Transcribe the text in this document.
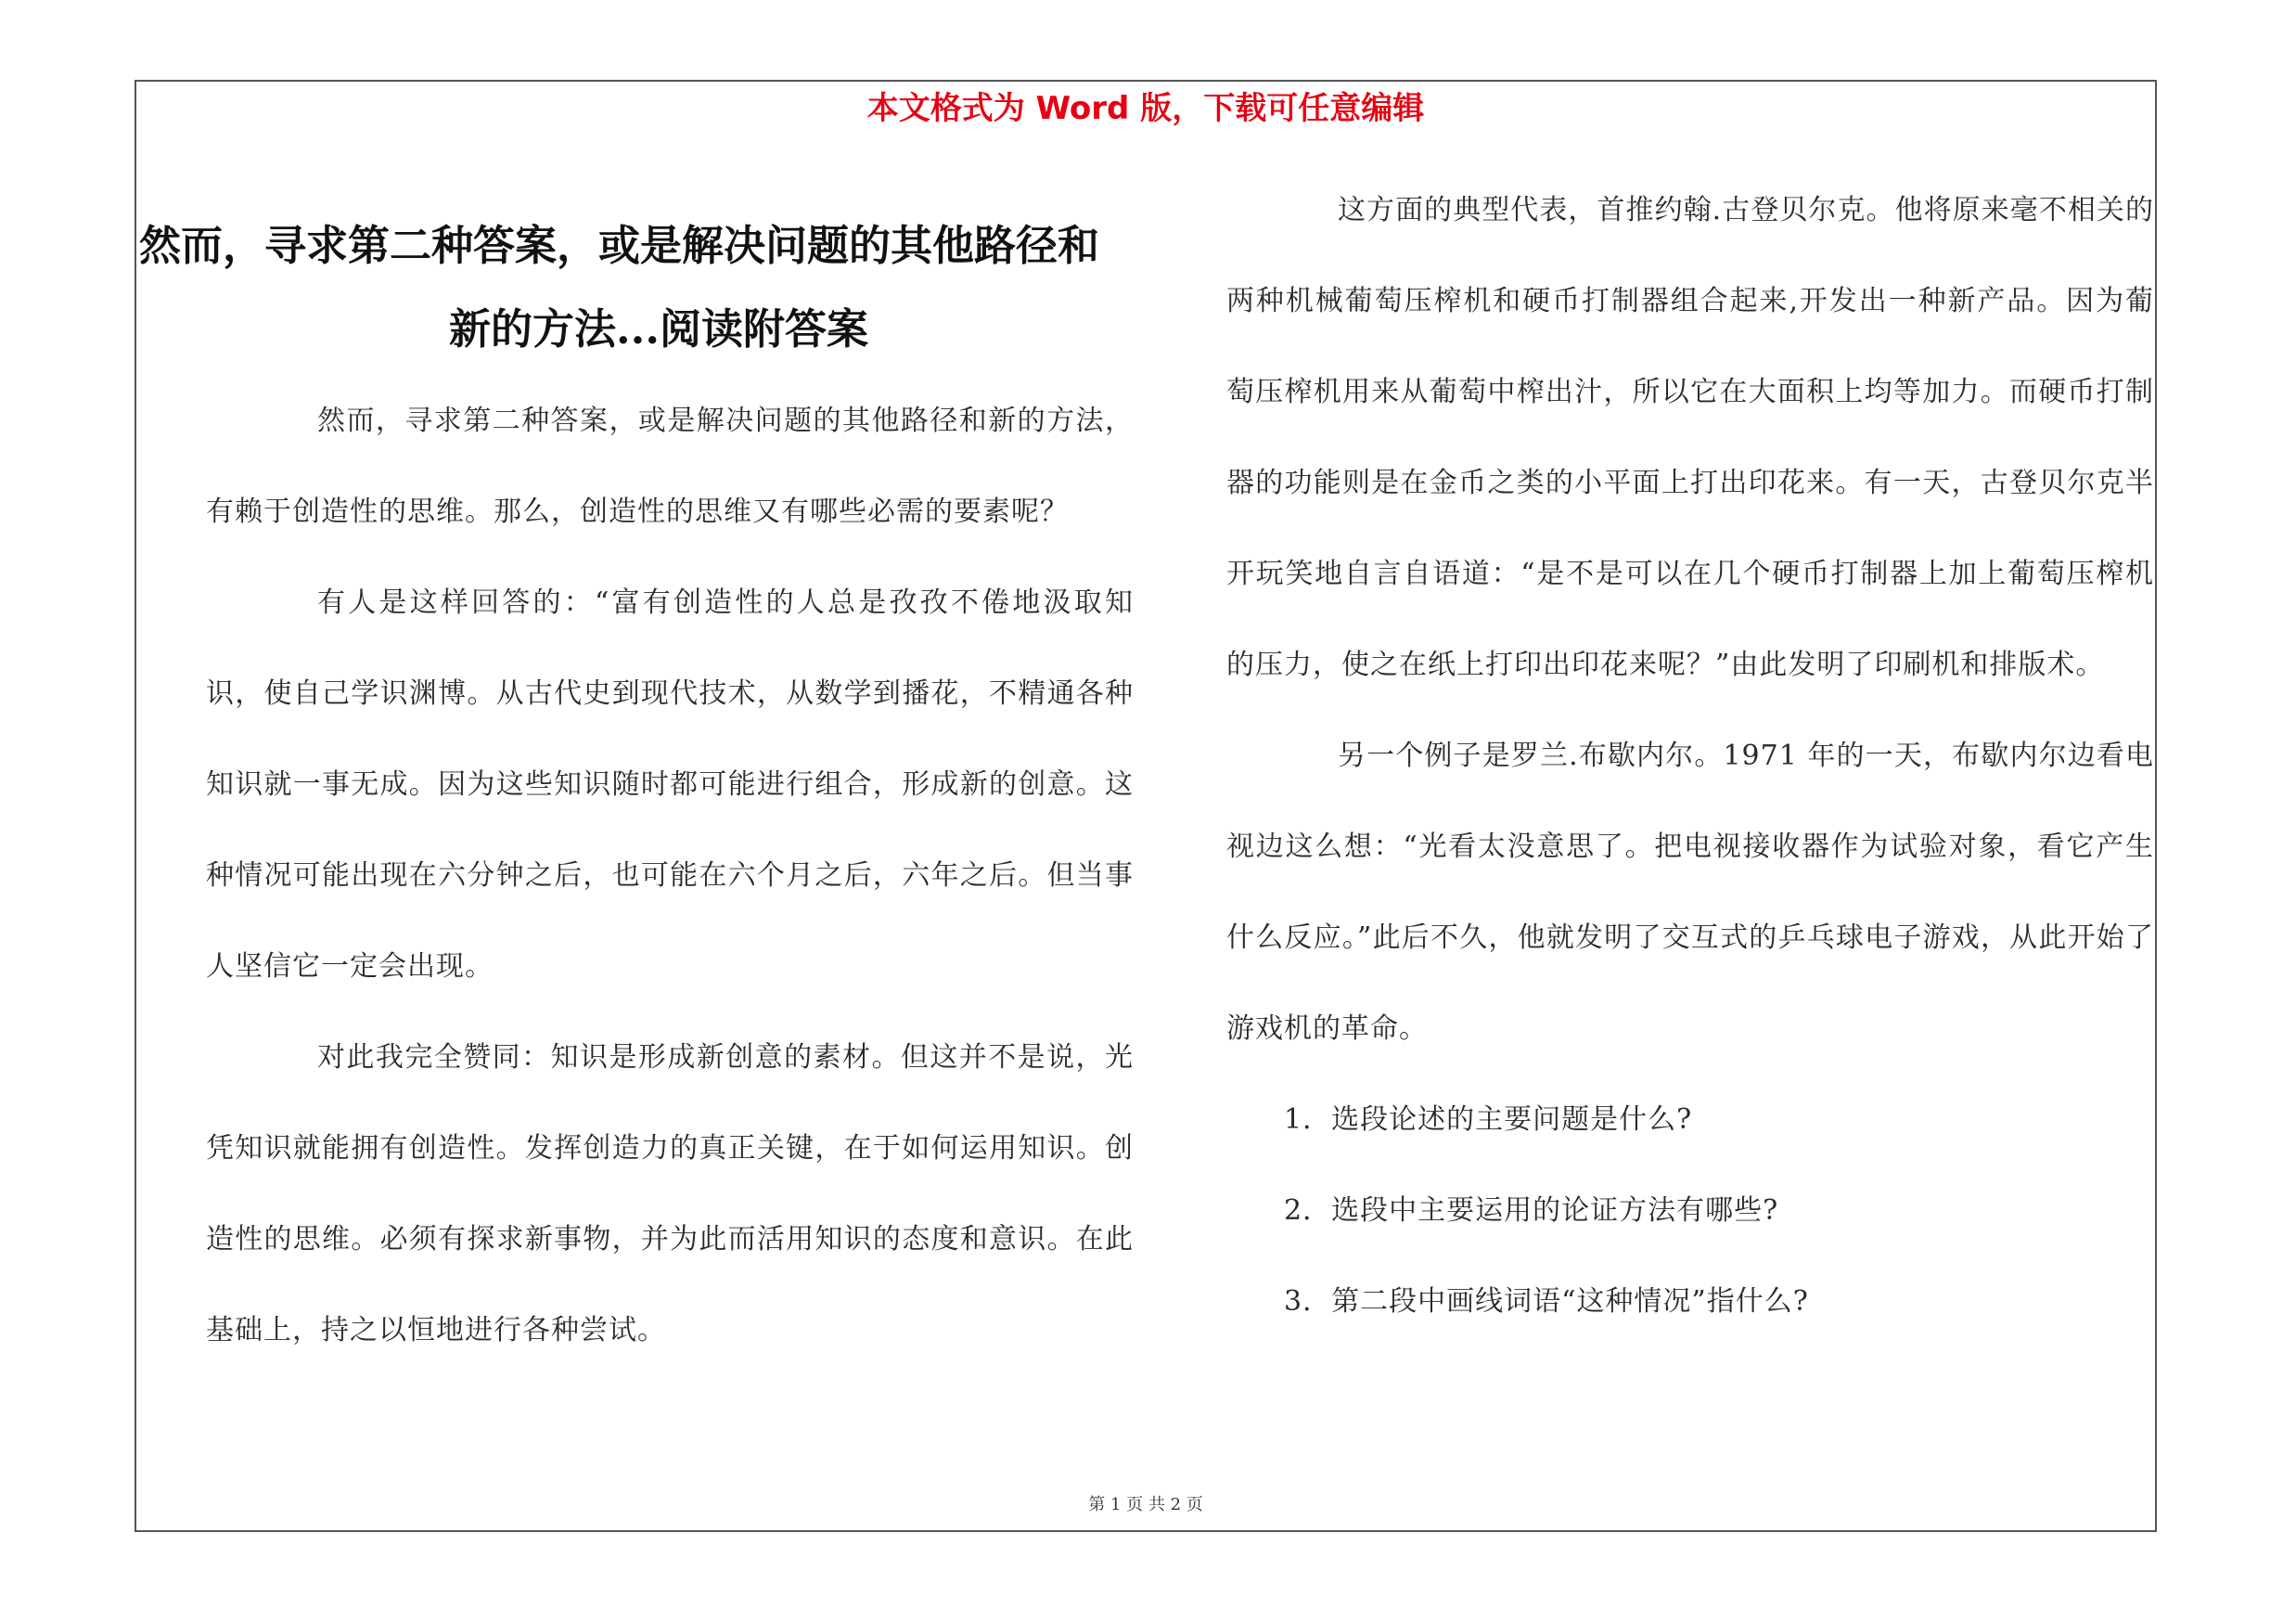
本文格式为 Word 版，下载可任意编辑
然而，寻求第二种答案，或是解决问题的其他路径和
新的方法...阅读附答案

然而，寻求第二种答案，或是解决问题的其他路径和新的方法，有赖于创造性的思维。那么，创造性的思维又有哪些必需的要素呢？

有人是这样回答的：“富有创造性的人总是孜孜不倦地汲取知识，使自己学识渊博。从古代史到现代技术，从数学到播花，不精通各种知识就一事无成。因为这些知识随时都可能进行组合，形成新的创意。这种情况可能出现在六分钟之后，也可能在六个月之后，六年之后。但当事人坚信它一定会出现。

对此我完全赞同：知识是形成新创意的素材。但这并不是说，光凭知识就能拥有创造性。发挥创造力的真正关键，在于如何运用知识。创造性的思维。必须有探求新事物，并为此而活用知识的态度和意识。在此基础上，持之以恒地进行各种尝试。

这方面的典型代表，首推约翰.古登贝尔克。他将原来毫不相关的两种机械葡萄压榨机和硬币打制器组合起来,开发出一种新产品。因为葡萄压榨机用来从葡萄中榨出汁，所以它在大面积上均等加力。而硬币打制器的功能则是在金币之类的小平面上打出印花来。有一天，古登贝尔克半开玩笑地自言自语道：“是不是可以在几个硬币打制器上加上葡萄压榨机的压力，使之在纸上打印出印花来呢？”由此发明了印刷机和排版术。

另一个例子是罗兰.布歇内尔。1971 年的一天，布歇内尔边看电视边这么想：“光看太没意思了。把电视接收器作为试验对象，看它产生什么反应。”此后不久，他就发明了交互式的乒乓球电子游戏，从此开始了游戏机的革命。

1．选段论述的主要问题是什么?

2．选段中主要运用的论证方法有哪些?

3．第二段中画线词语“这种情况”指什么?

第 1 页 共 2 页
